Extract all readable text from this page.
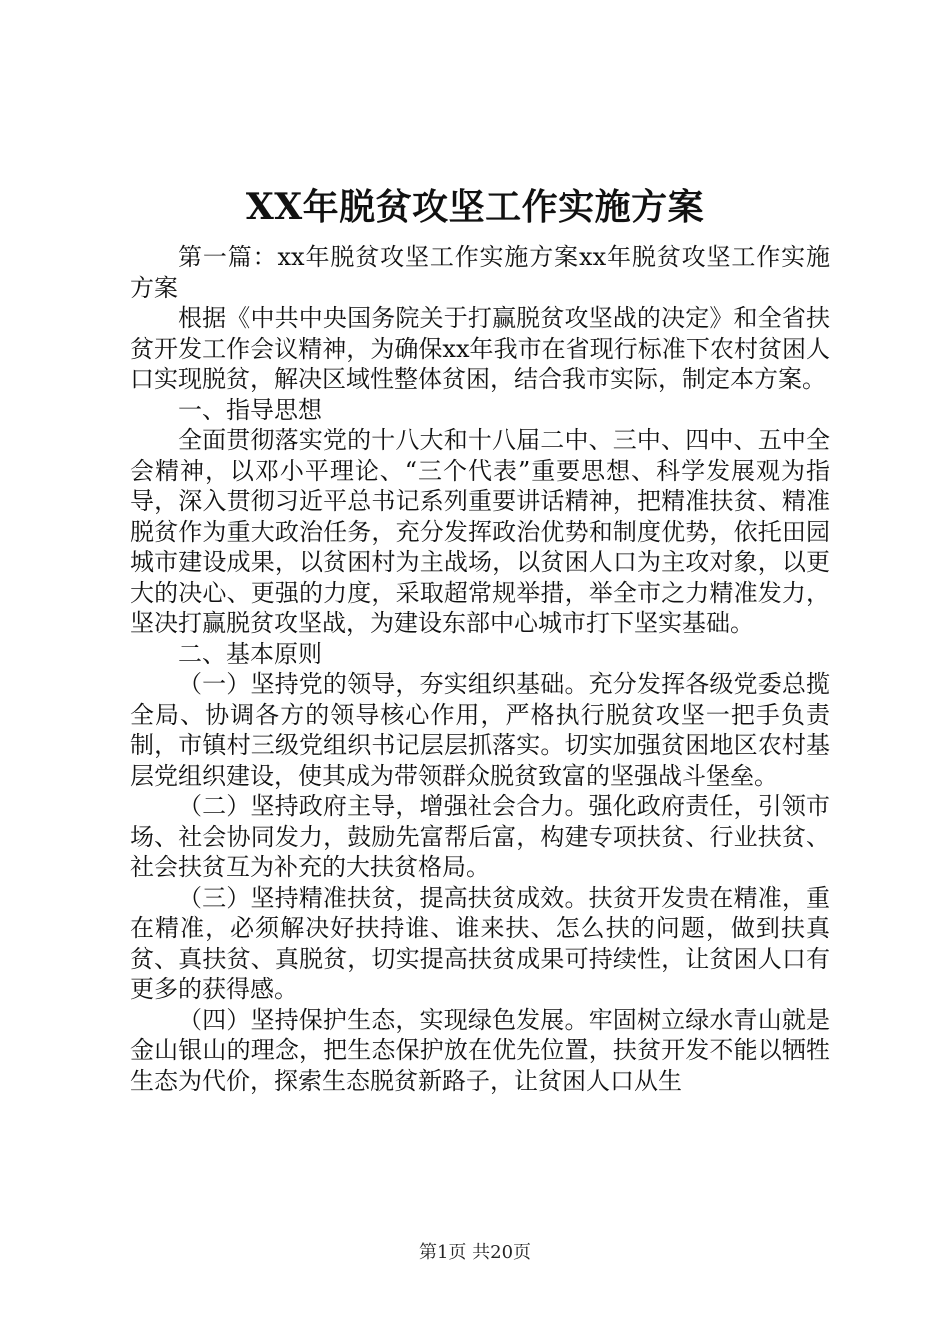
XX年脱贫攻坚工作实施方案

第一篇：xx年脱贫攻坚工作实施方案xx年脱贫攻坚工作实施方案

根据《中共中央国务院关于打赢脱贫攻坚战的决定》和全省扶贫开发工作会议精神，为确保xx年我市在省现行标准下农村贫困人口实现脱贫，解决区域性整体贫困，结合我市实际，制定本方案。

一、指导思想

全面贯彻落实党的十八大和十八届二中、三中、四中、五中全会精神，以邓小平理论、“三个代表”重要思想、科学发展观为指导，深入贯彻习近平总书记系列重要讲话精神，把精准扶贫、精准脱贫作为重大政治任务，充分发挥政治优势和制度优势，依托田园城市建设成果，以贫困村为主战场，以贫困人口为主攻对象，以更大的决心、更强的力度，采取超常规举措，举全市之力精准发力，坚决打赢脱贫攻坚战，为建设东部中心城市打下坚实基础。

二、基本原则

（一）坚持党的领导，夯实组织基础。充分发挥各级党委总揽全局、协调各方的领导核心作用，严格执行脱贫攻坚一把手负责制，市镇村三级党组织书记层层抓落实。切实加强贫困地区农村基层党组织建设，使其成为带领群众脱贫致富的坚强战斗堡垒。

（二）坚持政府主导，增强社会合力。强化政府责任，引领市场、社会协同发力，鼓励先富帮后富，构建专项扶贫、行业扶贫、社会扶贫互为补充的大扶贫格局。

（三）坚持精准扶贫，提高扶贫成效。扶贫开发贵在精准，重在精准，必须解决好扶持谁、谁来扶、怎么扶的问题，做到扶真贫、真扶贫、真脱贫，切实提高扶贫成果可持续性，让贫困人口有更多的获得感。

（四）坚持保护生态，实现绿色发展。牢固树立绿水青山就是金山银山的理念，把生态保护放在优先位置，扶贫开发不能以牺牲生态为代价，探索生态脱贫新路子，让贫困人口从生

第1页 共20页
